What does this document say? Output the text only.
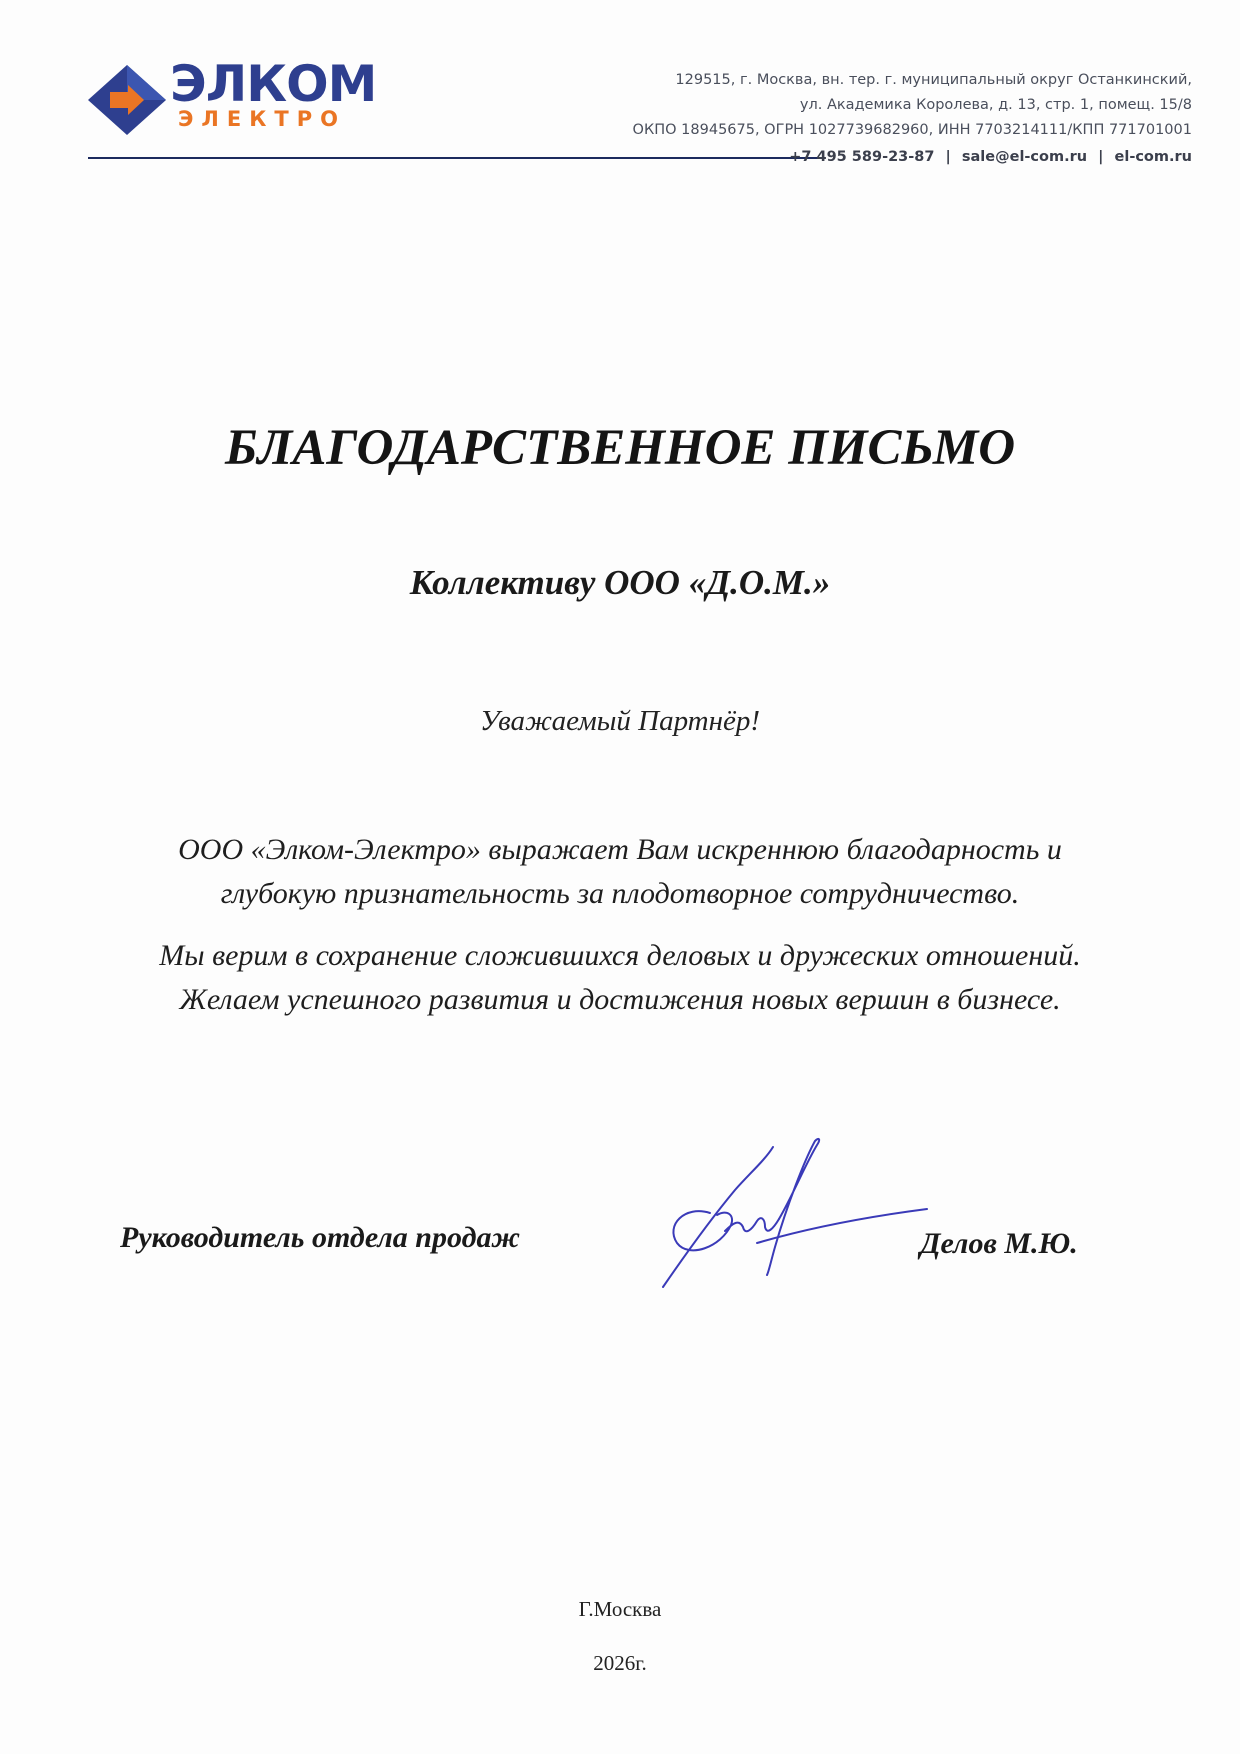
ЭЛКОМ
ЭЛЕКТРО
129515, г. Москва, вн. тер. г. муниципальный округ Останкинский,
ул. Академика Королева, д. 13, стр. 1, помещ. 15/8
ОКПО 18945675, ОГРН 1027739682960, ИНН 7703214111/КПП 771701001
+7 495 589-23-87 | sale@el-com.ru | el-com.ru
БЛАГОДАРСТВЕННОЕ ПИСЬМО
Коллективу ООО «Д.О.М.»
Уважаемый Партнёр!
ООО «Элком-Электро» выражает Вам искреннюю благодарность и
глубокую признательность за плодотворное сотрудничество.
Мы верим в сохранение сложившихся деловых и дружеских отношений.
Желаем успешного развития и достижения новых вершин в бизнесе.
Руководитель отдела продаж	Делов М.Ю.
Г.Москва
2026г.
